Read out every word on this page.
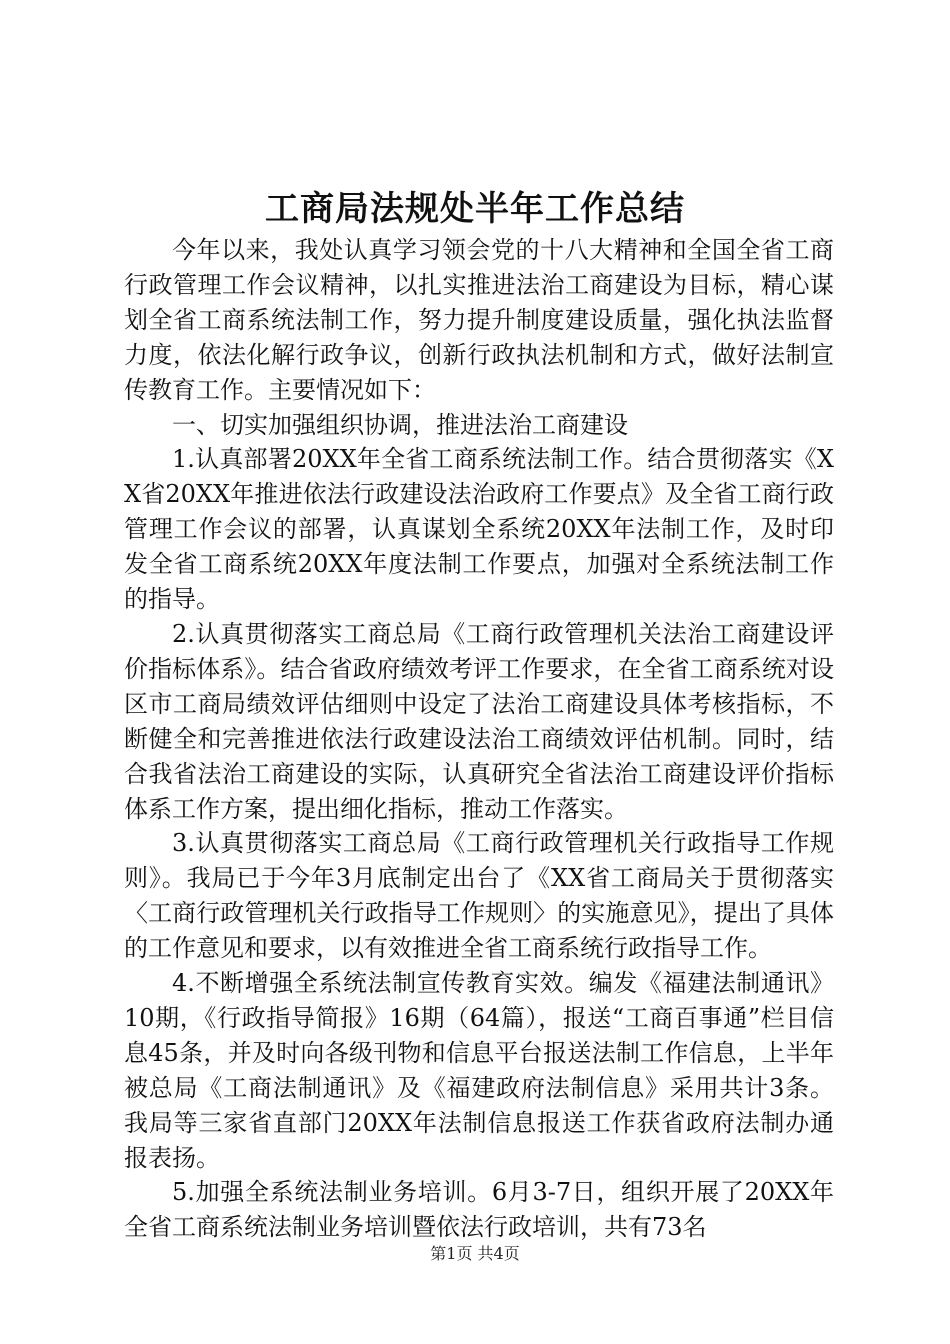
工商局法规处半年工作总结

今年以来，我处认真学习领会党的十八大精神和全国全省工商行政管理工作会议精神，以扎实推进法治工商建设为目标，精心谋划全省工商系统法制工作，努力提升制度建设质量，强化执法监督力度，依法化解行政争议，创新行政执法机制和方式，做好法制宣传教育工作。主要情况如下：

一、切实加强组织协调，推进法治工商建设

1.认真部署20XX年全省工商系统法制工作。结合贯彻落实《XX省20XX年推进依法行政建设法治政府工作要点》及全省工商行政管理工作会议的部署，认真谋划全系统20XX年法制工作，及时印发全省工商系统20XX年度法制工作要点，加强对全系统法制工作的指导。

2.认真贯彻落实工商总局《工商行政管理机关法治工商建设评价指标体系》。结合省政府绩效考评工作要求，在全省工商系统对设区市工商局绩效评估细则中设定了法治工商建设具体考核指标，不断健全和完善推进依法行政建设法治工商绩效评估机制。同时，结合我省法治工商建设的实际，认真研究全省法治工商建设评价指标体系工作方案，提出细化指标，推动工作落实。

3.认真贯彻落实工商总局《工商行政管理机关行政指导工作规则》。我局已于今年3月底制定出台了《XX省工商局关于贯彻落实〈工商行政管理机关行政指导工作规则〉的实施意见》，提出了具体的工作意见和要求，以有效推进全省工商系统行政指导工作。

4.不断增强全系统法制宣传教育实效。编发《福建法制通讯》10期，《行政指导简报》16期（64篇），报送“工商百事通”栏目信息45条，并及时向各级刊物和信息平台报送法制工作信息，上半年被总局《工商法制通讯》及《福建政府法制信息》采用共计3条。我局等三家省直部门20XX年法制信息报送工作获省政府法制办通报表扬。

5.加强全系统法制业务培训。6月3-7日，组织开展了20XX年全省工商系统法制业务培训暨依法行政培训，共有73名

第1页 共4页
